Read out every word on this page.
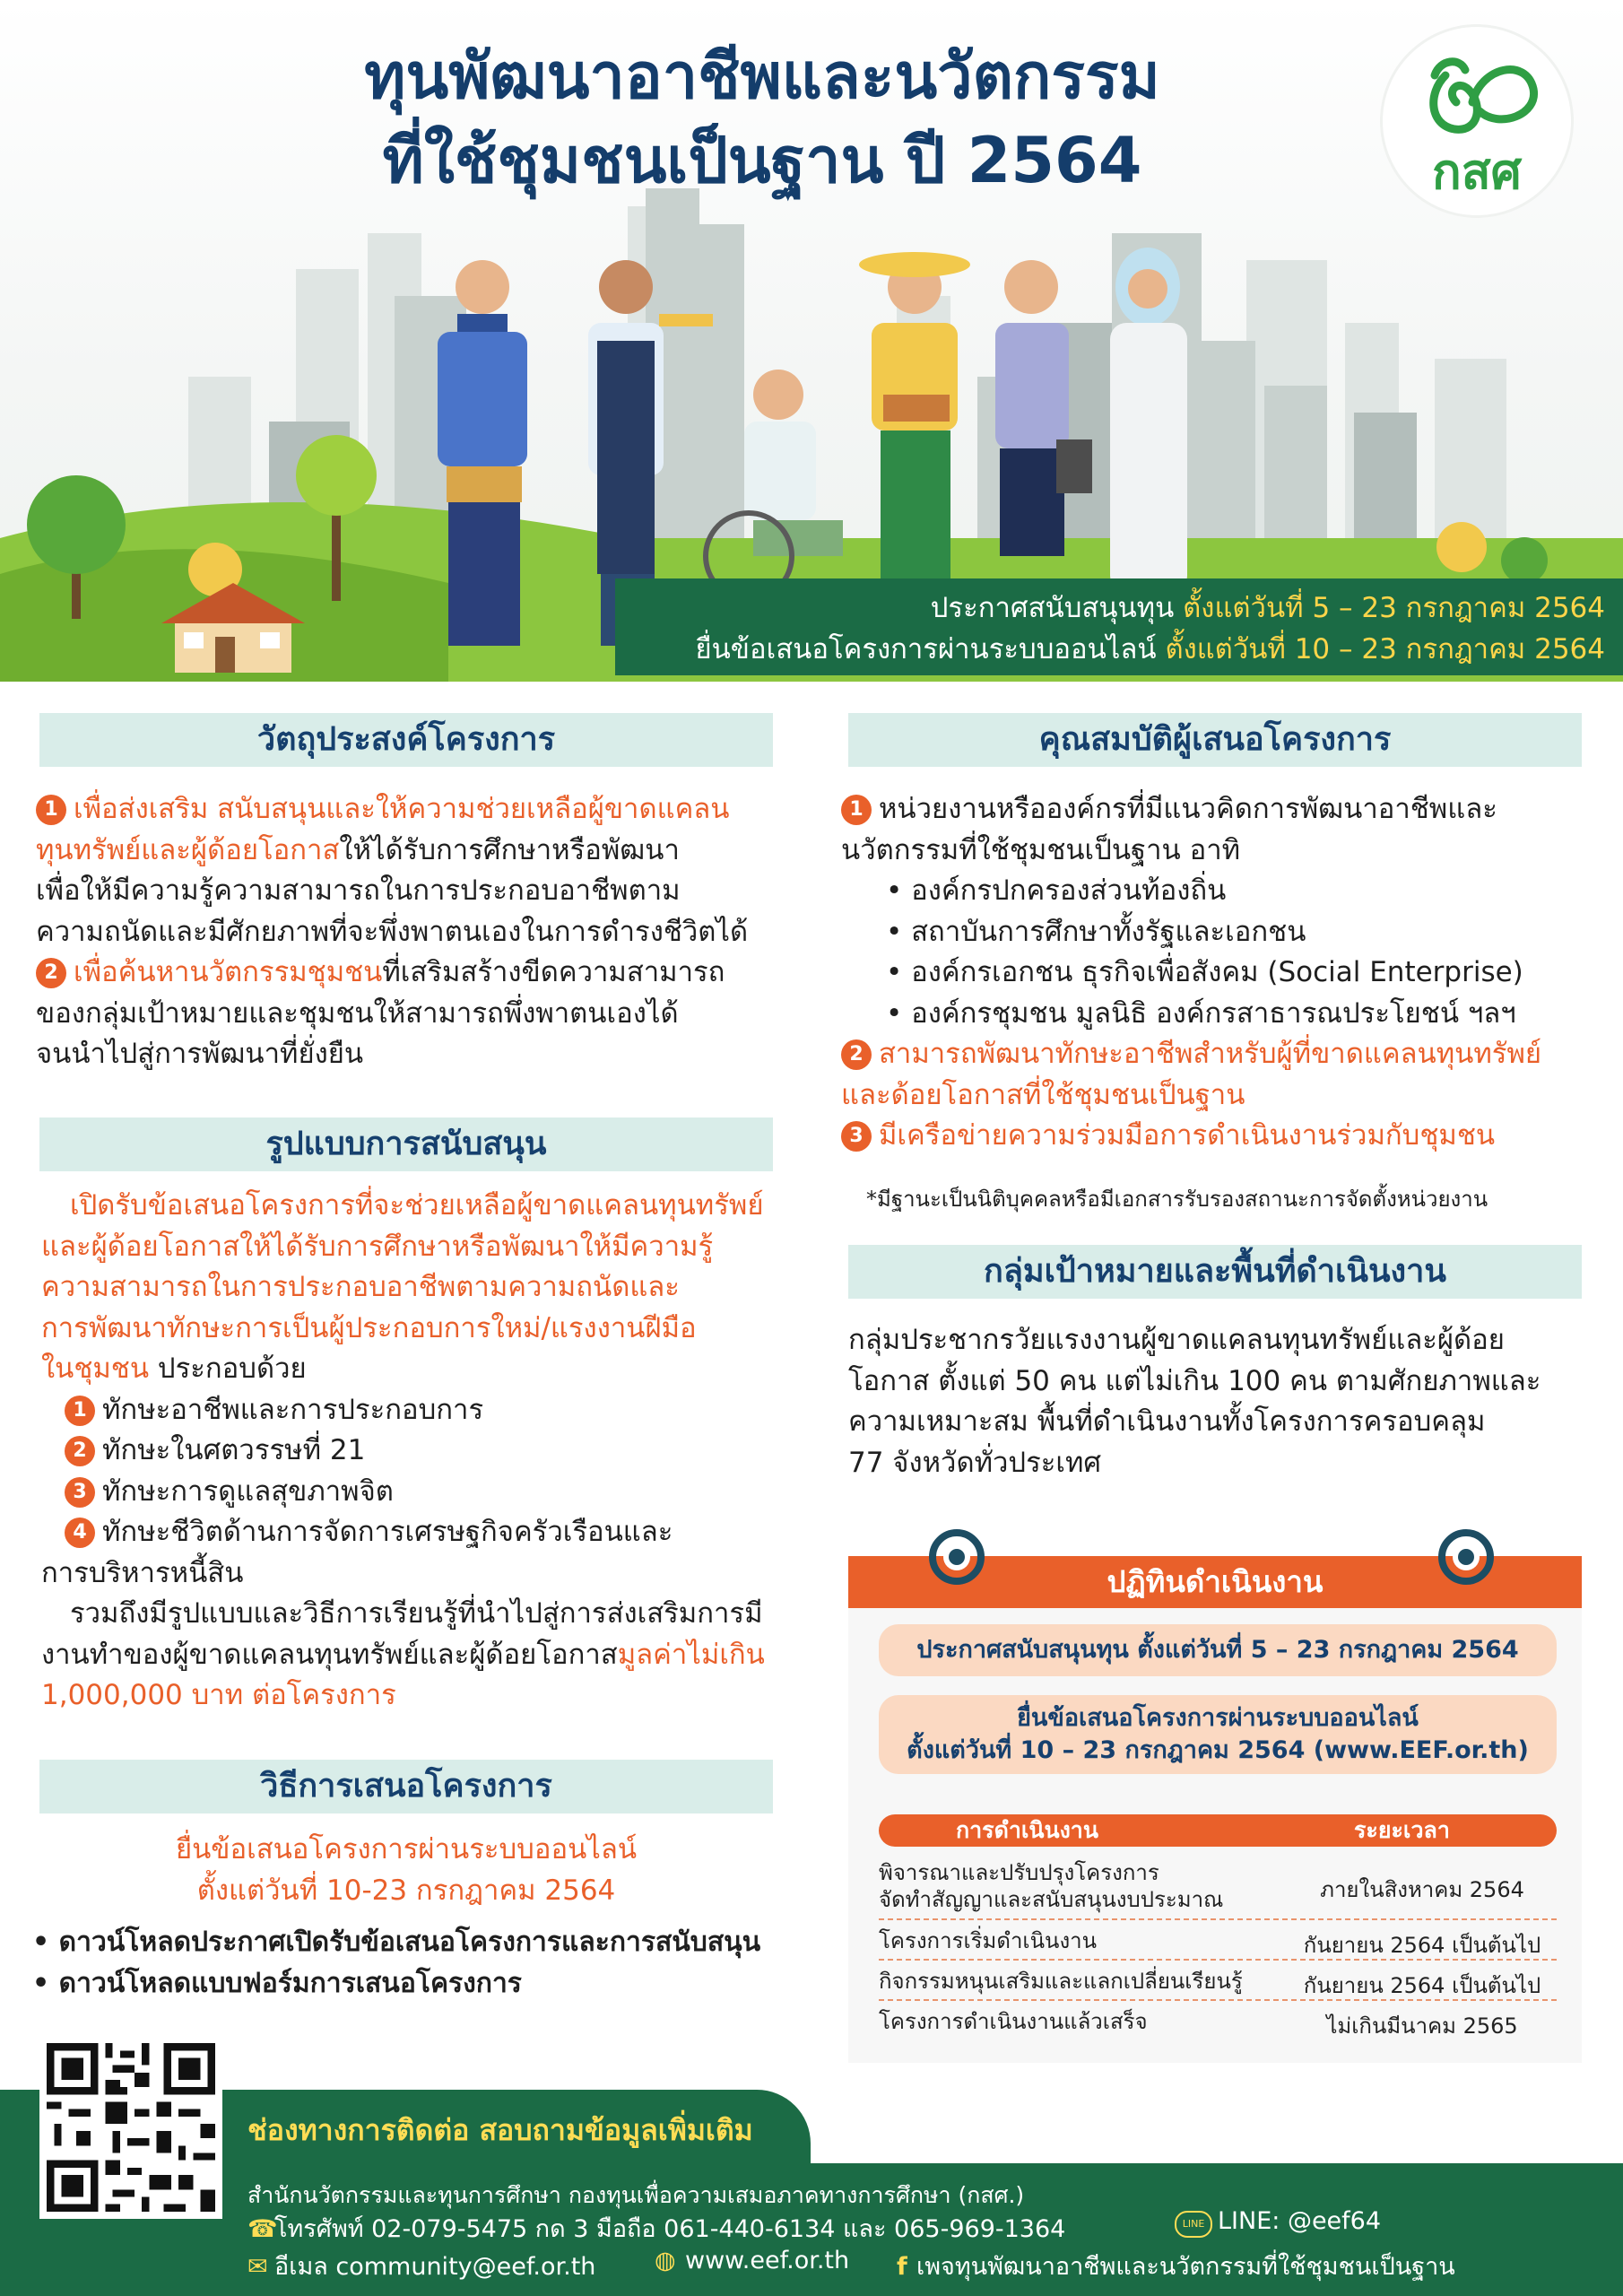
ทุนพัฒนาอาชีพและนวัตกรรม
ที่ใช้ชุมชนเป็นฐาน ปี 2564	กสศ
ประกาศสนับสนุนทุน ตั้งแต่วันที่ 5 – 23 กรกฎาคม 2564
ยื่นข้อเสนอโครงการผ่านระบบออนไลน์ ตั้งแต่วันที่ 10 – 23 กรกฎาคม 2564
วัตถุประสงค์โครงการ
1 เพื่อส่งเสริม สนับสนุนและให้ความช่วยเหลือผู้ขาดแคลน
ทุนทรัพย์และผู้ด้อยโอกาสให้ได้รับการศึกษาหรือพัฒนา
เพื่อให้มีความรู้ความสามารถในการประกอบอาชีพตาม
ความถนัดและมีศักยภาพที่จะพึ่งพาตนเองในการดำรงชีวิตได้
2 เพื่อค้นหานวัตกรรมชุมชนที่เสริมสร้างขีดความสามารถ
ของกลุ่มเป้าหมายและชุมชนให้สามารถพึ่งพาตนเองได้
จนนำไปสู่การพัฒนาที่ยั่งยืน
รูปแบบการสนับสนุน
เปิดรับข้อเสนอโครงการที่จะช่วยเหลือผู้ขาดแคลนทุนทรัพย์
และผู้ด้อยโอกาสให้ได้รับการศึกษาหรือพัฒนาให้มีความรู้
ความสามารถในการประกอบอาชีพตามความถนัดและ
การพัฒนาทักษะการเป็นผู้ประกอบการใหม่/แรงงานฝีมือ
ในชุมชน ประกอบด้วย
1 ทักษะอาชีพและการประกอบการ
2 ทักษะในศตวรรษที่ 21
3 ทักษะการดูแลสุขภาพจิต
4 ทักษะชีวิตด้านการจัดการเศรษฐกิจครัวเรือนและ
การบริหารหนี้สิน
รวมถึงมีรูปแบบและวิธีการเรียนรู้ที่นำไปสู่การส่งเสริมการมี
งานทำของผู้ขาดแคลนทุนทรัพย์และผู้ด้อยโอกาสมูลค่าไม่เกิน
1,000,000 บาท ต่อโครงการ
วิธีการเสนอโครงการ
ยื่นข้อเสนอโครงการผ่านระบบออนไลน์
ตั้งแต่วันที่ 10-23 กรกฎาคม 2564
• ดาวน์โหลดประกาศเปิดรับข้อเสนอโครงการและการสนับสนุน
• ดาวน์โหลดแบบฟอร์มการเสนอโครงการ
คุณสมบัติผู้เสนอโครงการ
1 หน่วยงานหรือองค์กรที่มีแนวคิดการพัฒนาอาชีพและ
นวัตกรรมที่ใช้ชุมชนเป็นฐาน อาทิ
• องค์กรปกครองส่วนท้องถิ่น
• สถาบันการศึกษาทั้งรัฐและเอกชน
• องค์กรเอกชน ธุรกิจเพื่อสังคม (Social Enterprise)
• องค์กรชุมชน มูลนิธิ องค์กรสาธารณประโยชน์ ฯลฯ
2 สามารถพัฒนาทักษะอาชีพสำหรับผู้ที่ขาดแคลนทุนทรัพย์
และด้อยโอกาสที่ใช้ชุมชนเป็นฐาน
3 มีเครือข่ายความร่วมมือการดำเนินงานร่วมกับชุมชน
*มีฐานะเป็นนิติบุคคลหรือมีเอกสารรับรองสถานะการจัดตั้งหน่วยงาน
กลุ่มเป้าหมายและพื้นที่ดำเนินงาน
กลุ่มประชากรวัยแรงงานผู้ขาดแคลนทุนทรัพย์และผู้ด้อย
โอกาส ตั้งแต่ 50 คน แต่ไม่เกิน 100 คน ตามศักยภาพและ
ความเหมาะสม พื้นที่ดำเนินงานทั้งโครงการครอบคลุม
77 จังหวัดทั่วประเทศ
ปฏิทินดำเนินงาน
ประกาศสนับสนุนทุน ตั้งแต่วันที่ 5 – 23 กรกฎาคม 2564
ยื่นข้อเสนอโครงการผ่านระบบออนไลน์
ตั้งแต่วันที่ 10 – 23 กรกฎาคม 2564 (www.EEF.or.th)
การดำเนินงาน	ระยะเวลา
พิจารณาและปรับปรุงโครงการ
จัดทำสัญญาและสนับสนุนงบประมาณ	ภายในสิงหาคม 2564
โครงการเริ่มดำเนินงาน	กันยายน 2564 เป็นต้นไป
กิจกรรมหนุนเสริมและแลกเปลี่ยนเรียนรู้	กันยายน 2564 เป็นต้นไป
โครงการดำเนินงานแล้วเสร็จ	ไม่เกินมีนาคม 2565
ช่องทางการติดต่อ สอบถามข้อมูลเพิ่มเติม
สำนักนวัตกรรมและทุนการศึกษา กองทุนเพื่อความเสมอภาคทางการศึกษา (กสศ.)
☎โทรศัพท์ 02-079-5475 กด 3 มือถือ 061-440-6134 และ 065-969-1364	LINE LINE: @eef64
✉ อีเมล community@eef.or.th ◍ www.eef.or.th f เพจทุนพัฒนาอาชีพและนวัตกรรมที่ใช้ชุมชนเป็นฐาน
